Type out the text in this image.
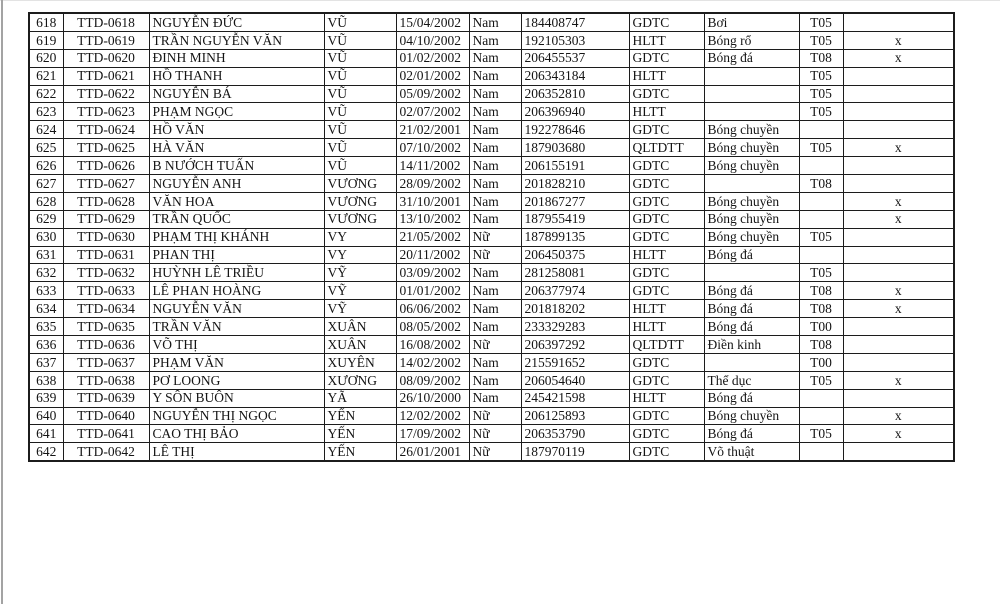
618	TTD-0618	NGUYỄN ĐỨC	VŨ	15/04/2002	Nam	184408747	GDTC	Bơi	T05	
619	TTD-0619	TRẦN NGUYỄN VĂN	VŨ	04/10/2002	Nam	192105303	HLTT	Bóng rổ	T05	x
620	TTD-0620	ĐINH MINH	VŨ	01/02/2002	Nam	206455537	GDTC	Bóng đá	T08	x
621	TTD-0621	HỒ THANH	VŨ	02/01/2002	Nam	206343184	HLTT		T05	
622	TTD-0622	NGUYỄN BÁ	VŨ	05/09/2002	Nam	206352810	GDTC		T05	
623	TTD-0623	PHẠM NGỌC	VŨ	02/07/2002	Nam	206396940	HLTT		T05	
624	TTD-0624	HỒ VĂN	VŨ	21/02/2001	Nam	192278646	GDTC	Bóng chuyền		
625	TTD-0625	HÀ VĂN	VŨ	07/10/2002	Nam	187903680	QLTDTT	Bóng chuyền	T05	x
626	TTD-0626	B NƯỚCH TUẤN	VŨ	14/11/2002	Nam	206155191	GDTC	Bóng chuyền		
627	TTD-0627	NGUYỄN ANH	VƯƠNG	28/09/2002	Nam	201828210	GDTC		T08	
628	TTD-0628	VĂN HOA	VƯƠNG	31/10/2001	Nam	201867277	GDTC	Bóng chuyền		x
629	TTD-0629	TRẦN QUỐC	VƯƠNG	13/10/2002	Nam	187955419	GDTC	Bóng chuyền		x
630	TTD-0630	PHẠM THỊ KHÁNH	VY	21/05/2002	Nữ	187899135	GDTC	Bóng chuyền	T05	
631	TTD-0631	PHAN THỊ	VY	20/11/2002	Nữ	206450375	HLTT	Bóng đá		
632	TTD-0632	HUỲNH LÊ TRIỀU	VỸ	03/09/2002	Nam	281258081	GDTC		T05	
633	TTD-0633	LÊ PHAN HOÀNG	VỸ	01/01/2002	Nam	206377974	GDTC	Bóng đá	T08	x
634	TTD-0634	NGUYỄN VĂN	VỸ	06/06/2002	Nam	201818202	HLTT	Bóng đá	T08	x
635	TTD-0635	TRẦN VĂN	XUÂN	08/05/2002	Nam	233329283	HLTT	Bóng đá	T00	
636	TTD-0636	VÕ THỊ	XUÂN	16/08/2002	Nữ	206397292	QLTDTT	Điền kinh	T08	
637	TTD-0637	PHẠM VĂN	XUYÊN	14/02/2002	Nam	215591652	GDTC		T00	
638	TTD-0638	PƠ LOONG	XƯƠNG	08/09/2002	Nam	206054640	GDTC	Thể dục	T05	x
639	TTD-0639	Y SÔN BUÔN	YÃ	26/10/2000	Nam	245421598	HLTT	Bóng đá		
640	TTD-0640	NGUYỄN THỊ NGỌC	YẾN	12/02/2002	Nữ	206125893	GDTC	Bóng chuyền		x
641	TTD-0641	CAO THỊ BẢO	YẾN	17/09/2002	Nữ	206353790	GDTC	Bóng đá	T05	x
642	TTD-0642	LÊ THỊ	YẾN	26/01/2001	Nữ	187970119	GDTC	Võ thuật		
